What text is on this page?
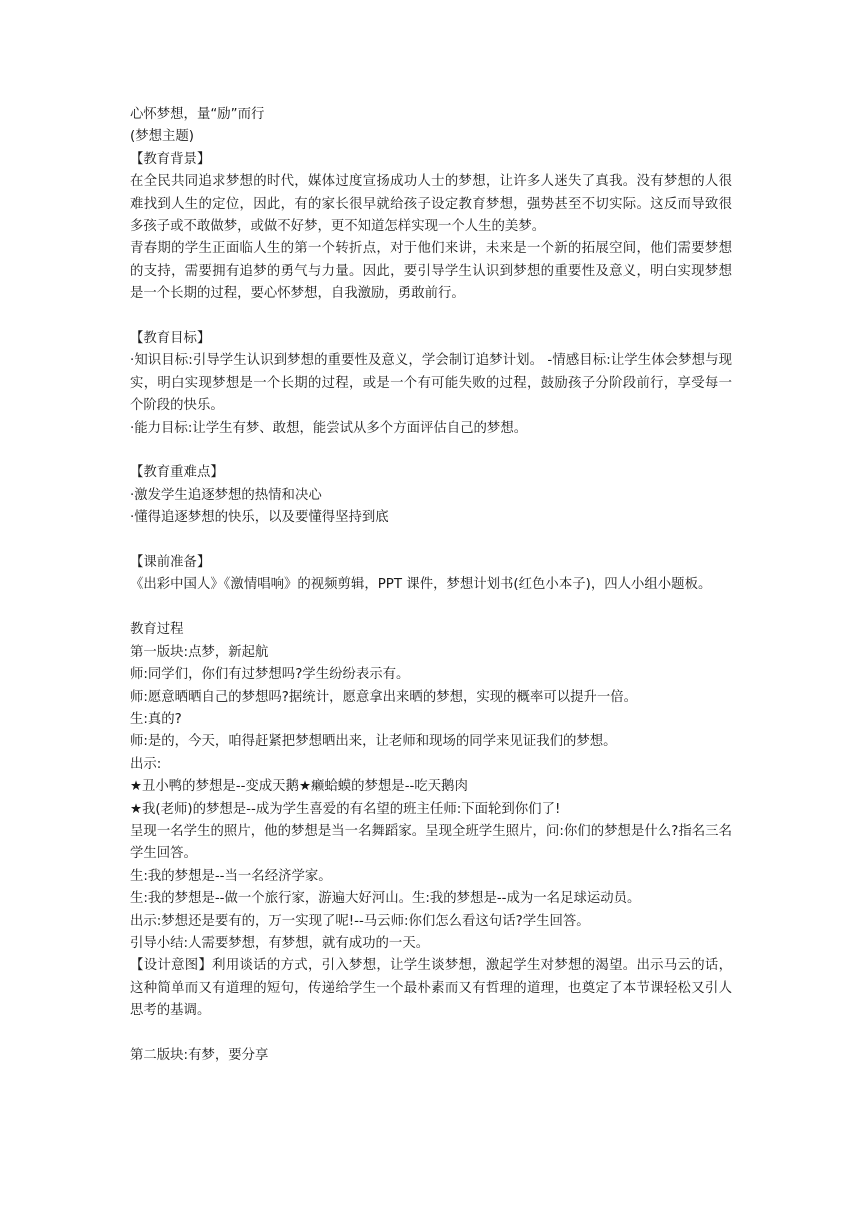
心怀梦想，量“励”而行
(梦想主题)
【教育背景】
在全民共同追求梦想的时代，媒体过度宣扬成功人士的梦想，让许多人迷失了真我。没有梦想的人很难找到人生的定位，因此，有的家长很早就给孩子设定教育梦想，强势甚至不切实际。这反而导致很多孩子或不敢做梦，或做不好梦，更不知道怎样实现一个人生的美梦。
青春期的学生正面临人生的第一个转折点，对于他们来讲，未来是一个新的拓展空间，他们需要梦想的支持，需要拥有追梦的勇气与力量。因此，要引导学生认识到梦想的重要性及意义，明白实现梦想是一个长期的过程，要心怀梦想，自我激励，勇敢前行。
【教育目标】
·知识目标:引导学生认识到梦想的重要性及意义，学会制订追梦计划。 -情感目标:让学生体会梦想与现实，明白实现梦想是一个长期的过程，或是一个有可能失败的过程，鼓励孩子分阶段前行，享受每一个阶段的快乐。
·能力目标:让学生有梦、敢想，能尝试从多个方面评估自己的梦想。
【教育重难点】
·激发学生追逐梦想的热情和决心
·懂得追逐梦想的快乐，以及要懂得坚持到底
【课前准备】
《出彩中国人》《激情唱响》的视频剪辑，PPT 课件，梦想计划书(红色小本子)，四人小组小题板。
教育过程
第一版块:点梦，新起航
师:同学们，你们有过梦想吗?学生纷纷表示有。
师:愿意晒晒自己的梦想吗?据统计，愿意拿出来晒的梦想，实现的概率可以提升一倍。
生:真的?
师:是的，今天，咱得赶紧把梦想晒出来，让老师和现场的同学来见证我们的梦想。
出示:
★丑小鸭的梦想是--变成天鹅★癞蛤蟆的梦想是--吃天鹅肉
★我(老师)的梦想是--成为学生喜爱的有名望的班主任师:下面轮到你们了!
呈现一名学生的照片，他的梦想是当一名舞蹈家。呈现全班学生照片，问:你们的梦想是什么?指名三名学生回答。
生:我的梦想是--当一名经济学家。
生:我的梦想是--做一个旅行家，游遍大好河山。生:我的梦想是--成为一名足球运动员。
出示:梦想还是要有的，万一实现了呢!--马云师:你们怎么看这句话?学生回答。
引导小结:人需要梦想，有梦想，就有成功的一天。
【设计意图】利用谈话的方式，引入梦想，让学生谈梦想，激起学生对梦想的渴望。出示马云的话，这种简单而又有道理的短句，传递给学生一个最朴素而又有哲理的道理，也奠定了本节课轻松又引人思考的基调。
第二版块:有梦，要分享
